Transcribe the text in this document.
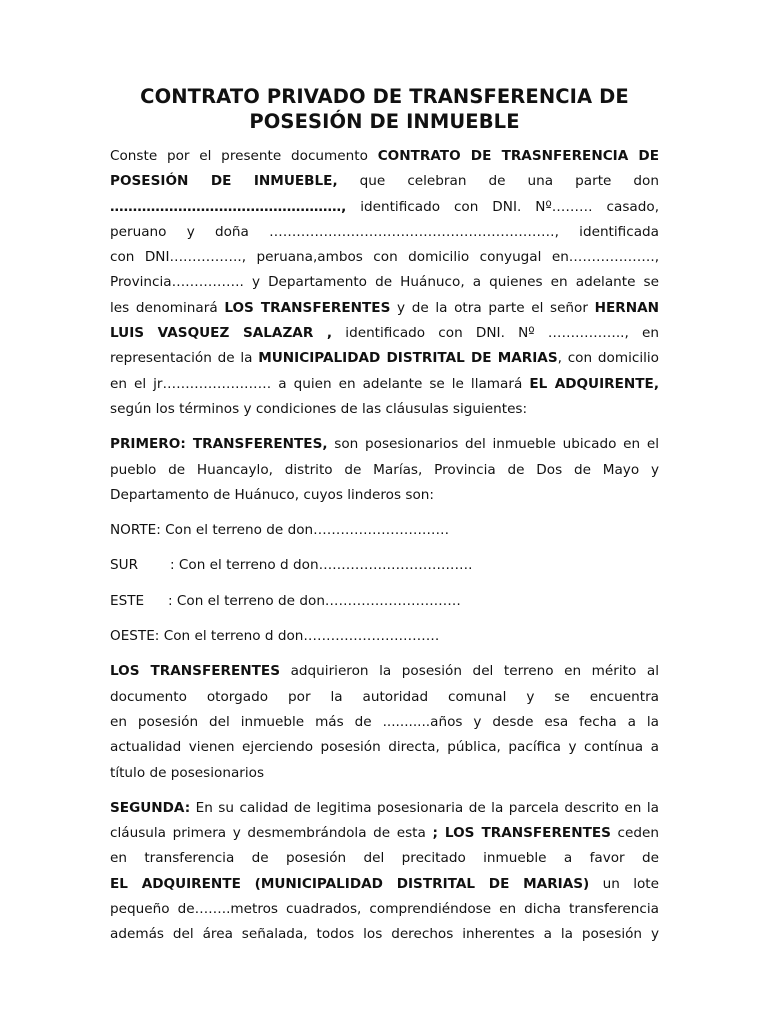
CONTRATO PRIVADO DE TRANSFERENCIA DE
POSESIÓN DE INMUEBLE
Conste por el presente documento CONTRATO DE TRASNFERENCIA DE
POSESIÓN DE INMUEBLE, que celebran de una parte don
……………………………………………, identificado con DNI. Nº……… casado,
peruano y doña ………………………………………………………, identificada
con DNI……………., peruana,ambos con domicilio conyugal en……………….,
Provincia……………. y Departamento de Huánuco, a quienes en adelante se
les denominará LOS TRANSFERENTES y de la otra parte el señor HERNAN
LUIS VASQUEZ SALAZAR , identificado con DNI. Nº …………….., en
representación de la MUNICIPALIDAD DISTRITAL DE MARIAS, con domicilio
en el jr…………………… a quien en adelante se le llamará EL ADQUIRENTE,
según los términos y condiciones de las cláusulas siguientes:
PRIMERO: TRANSFERENTES, son posesionarios del inmueble ubicado en el
pueblo de Huancaylo, distrito de Marías, Provincia de Dos de Mayo y
Departamento de Huánuco, cuyos linderos son:
NORTE: Con el terreno de don…………………………
SUR : Con el terreno d don…………………………….
ESTE : Con el terreno de don…………………………
OESTE: Con el terreno d don…………………………
LOS TRANSFERENTES adquirieron la posesión del terreno en mérito al
documento otorgado por la autoridad comunal y se encuentra
en posesión del inmueble más de ...........años y desde esa fecha a la
actualidad vienen ejerciendo posesión directa, pública, pacífica y contínua a
título de posesionarios
SEGUNDA: En su calidad de legitima posesionaria de la parcela descrito en la
cláusula primera y desmembrándola de esta ; LOS TRANSFERENTES ceden
en transferencia de posesión del precitado inmueble a favor de
EL ADQUIRENTE (MUNICIPALIDAD DISTRITAL DE MARIAS) un lote
pequeño de……..metros cuadrados, comprendiéndose en dicha transferencia
además del área señalada, todos los derechos inherentes a la posesión y
